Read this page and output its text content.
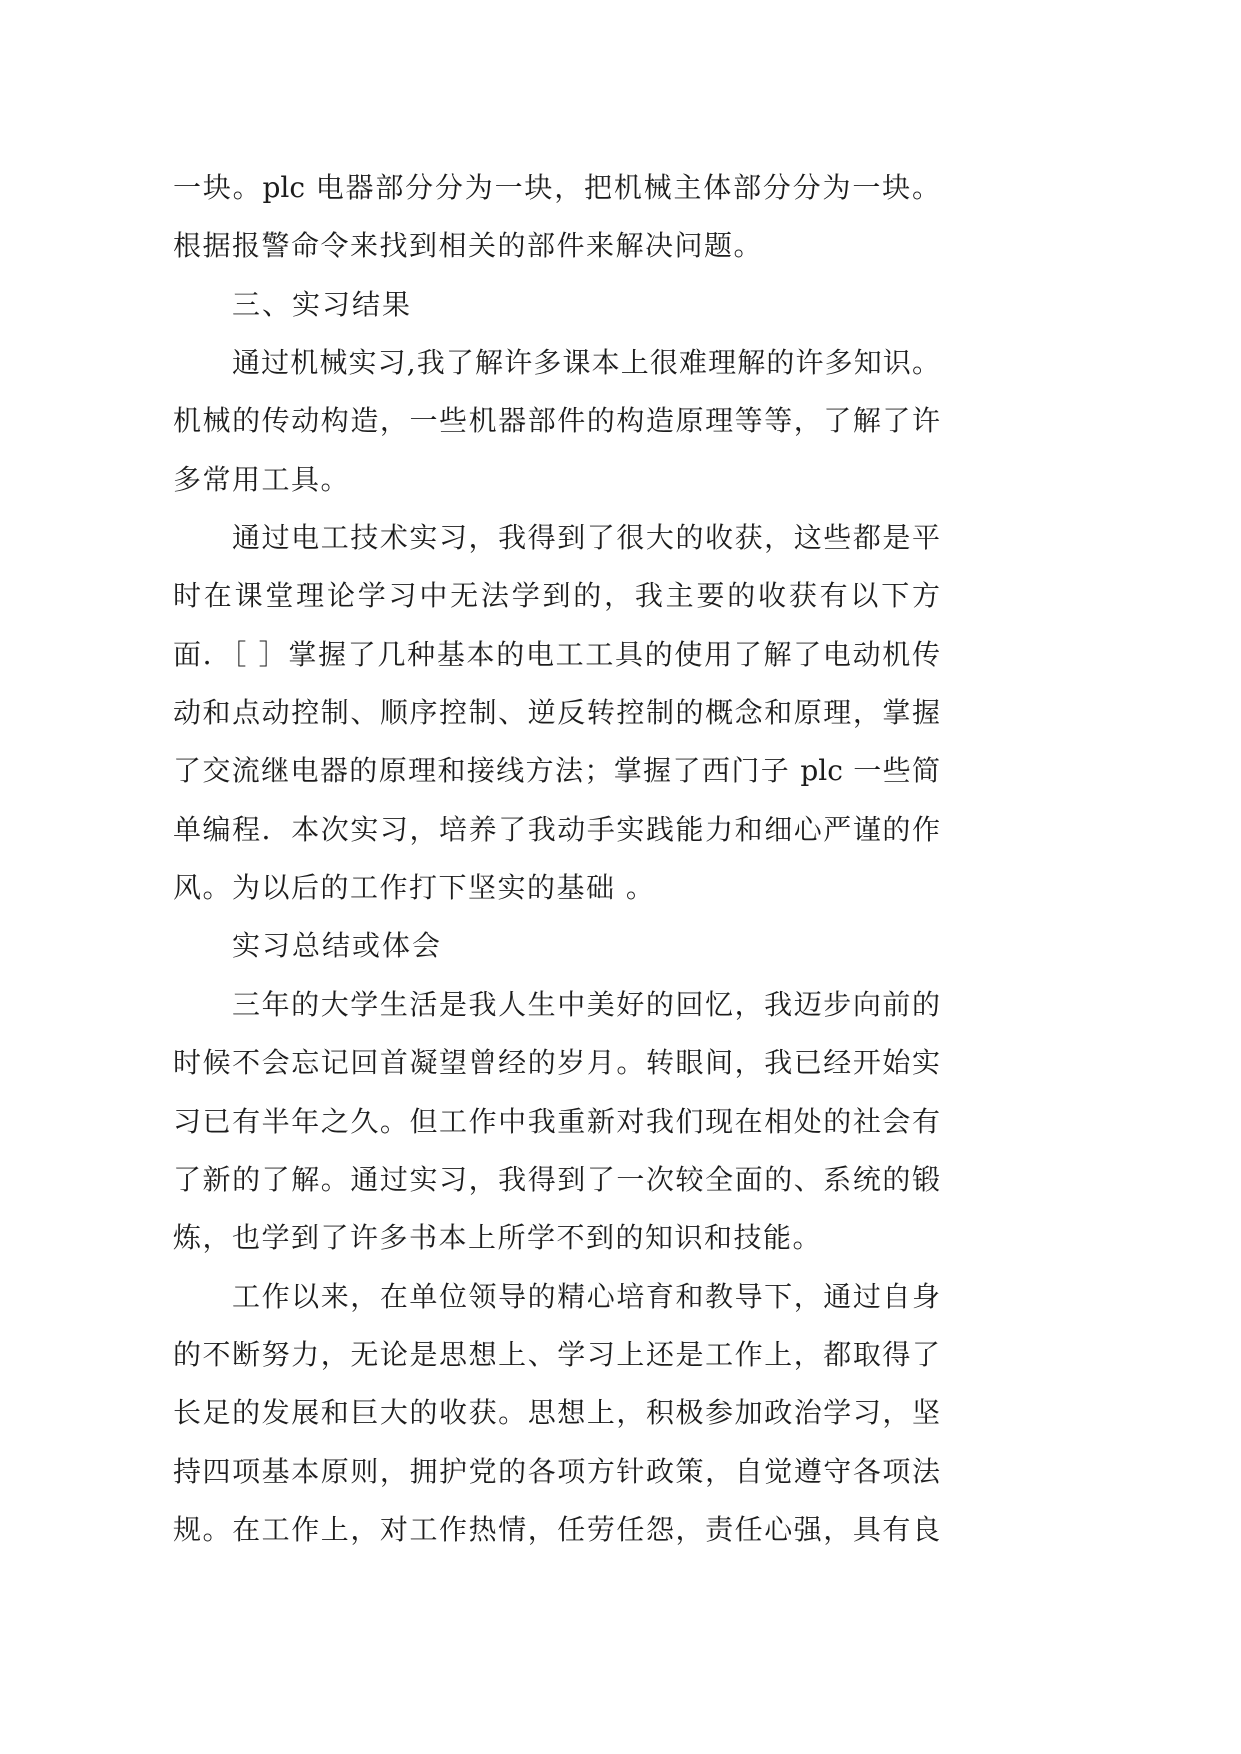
一块。plc 电器部分分为一块，把机械主体部分分为一块。
根据报警命令来找到相关的部件来解决问题。
三、实习结果
通过机械实习,我了解许多课本上很难理解的许多知识。
机械的传动构造，一些机器部件的构造原理等等，了解了许
多常用工具。
通过电工技术实习，我得到了很大的收获，这些都是平
时在课堂理论学习中无法学到的，我主要的收获有以下方
面．［ ］掌握了几种基本的电工工具的使用了解了电动机传
动和点动控制、顺序控制、逆反转控制的概念和原理，掌握
了交流继电器的原理和接线方法；掌握了西门子 plc 一些简
单编程．本次实习，培养了我动手实践能力和细心严谨的作
风。为以后的工作打下坚实的基础 。
实习总结或体会
三年的大学生活是我人生中美好的回忆，我迈步向前的
时候不会忘记回首凝望曾经的岁月。转眼间，我已经开始实
习已有半年之久。但工作中我重新对我们现在相处的社会有
了新的了解。通过实习，我得到了一次较全面的、系统的锻
炼，也学到了许多书本上所学不到的知识和技能。
工作以来，在单位领导的精心培育和教导下，通过自身
的不断努力，无论是思想上、学习上还是工作上，都取得了
长足的发展和巨大的收获。思想上，积极参加政治学习，坚
持四项基本原则，拥护党的各项方针政策，自觉遵守各项法
规。在工作上，对工作热情，任劳任怨，责任心强，具有良
